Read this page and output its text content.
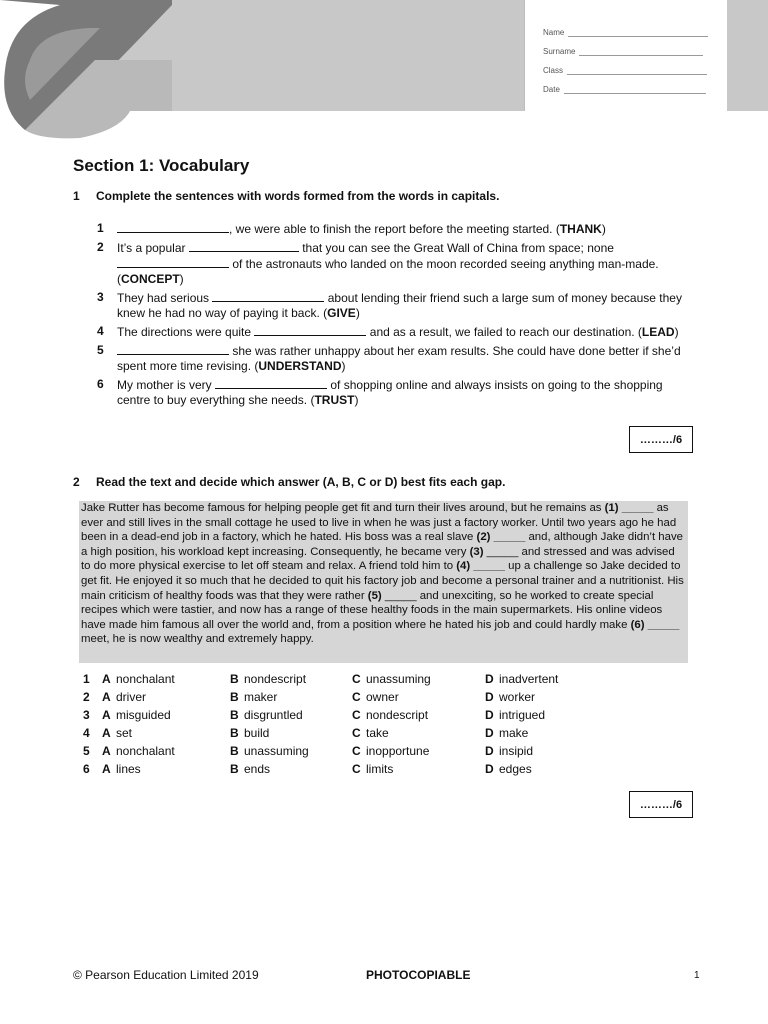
Name
Surname
Class
Date
Section 1: Vocabulary
1	Complete the sentences with words formed from the words in capitals.
1	, we were able to finish the report before the meeting started. (THANK)
2	It’s a popular	that you can see the Great Wall of China from space; none  of the astronauts who landed on the moon recorded seeing anything man-made. (CONCEPT)
3	They had serious	about lending their friend such a large sum of money because they knew he had no way of paying it back. (GIVE)
4	The directions were quite	and as a result, we failed to reach our destination. (LEAD)
5	she was rather unhappy about her exam results. She could have done better if she’d spent more time revising. (UNDERSTAND)
6	My mother is very	of shopping online and always insists on going to the shopping centre to buy everything she needs. (TRUST)
………/6
2	Read the text and decide which answer (A, B, C or D) best fits each gap.
Jake Rutter has become famous for helping people get fit and turn their lives around, but he remains as (1) _____ as ever and still lives in the small cottage he used to live in when he was just a factory worker. Until two years ago he had been in a dead-end job in a factory, which he hated. His boss was a real slave (2) _____ and, although Jake didn’t have a high position, his workload kept increasing. Consequently, he became very (3) _____ and stressed and was advised to do more physical exercise to let off steam and relax. A friend told him to (4) _____ up a challenge so Jake decided to get fit. He enjoyed it so much that he decided to quit his factory job and become a personal trainer and a nutritionist. His main criticism of healthy foods was that they were rather (5) _____ and unexciting, so he worked to create special recipes which were tastier, and now has a range of these healthy foods in the main supermarkets. His online videos have made him famous all over the world and, from a position where he hated his job and could hardly make (6) _____ meet, he is now wealthy and extremely happy.
1	A nonchalant	B nondescript	C unassuming	D inadvertent
2	A driver	B maker	C owner	D worker
3	A misguided	B disgruntled	C nondescript	D intrigued
4	A set	B build	C take	D make
5	A nonchalant	B unassuming	C inopportune	D insipid
6	A lines	B ends	C limits	D edges
………/6
© Pearson Education Limited 2019	PHOTOCOPIABLE	1
